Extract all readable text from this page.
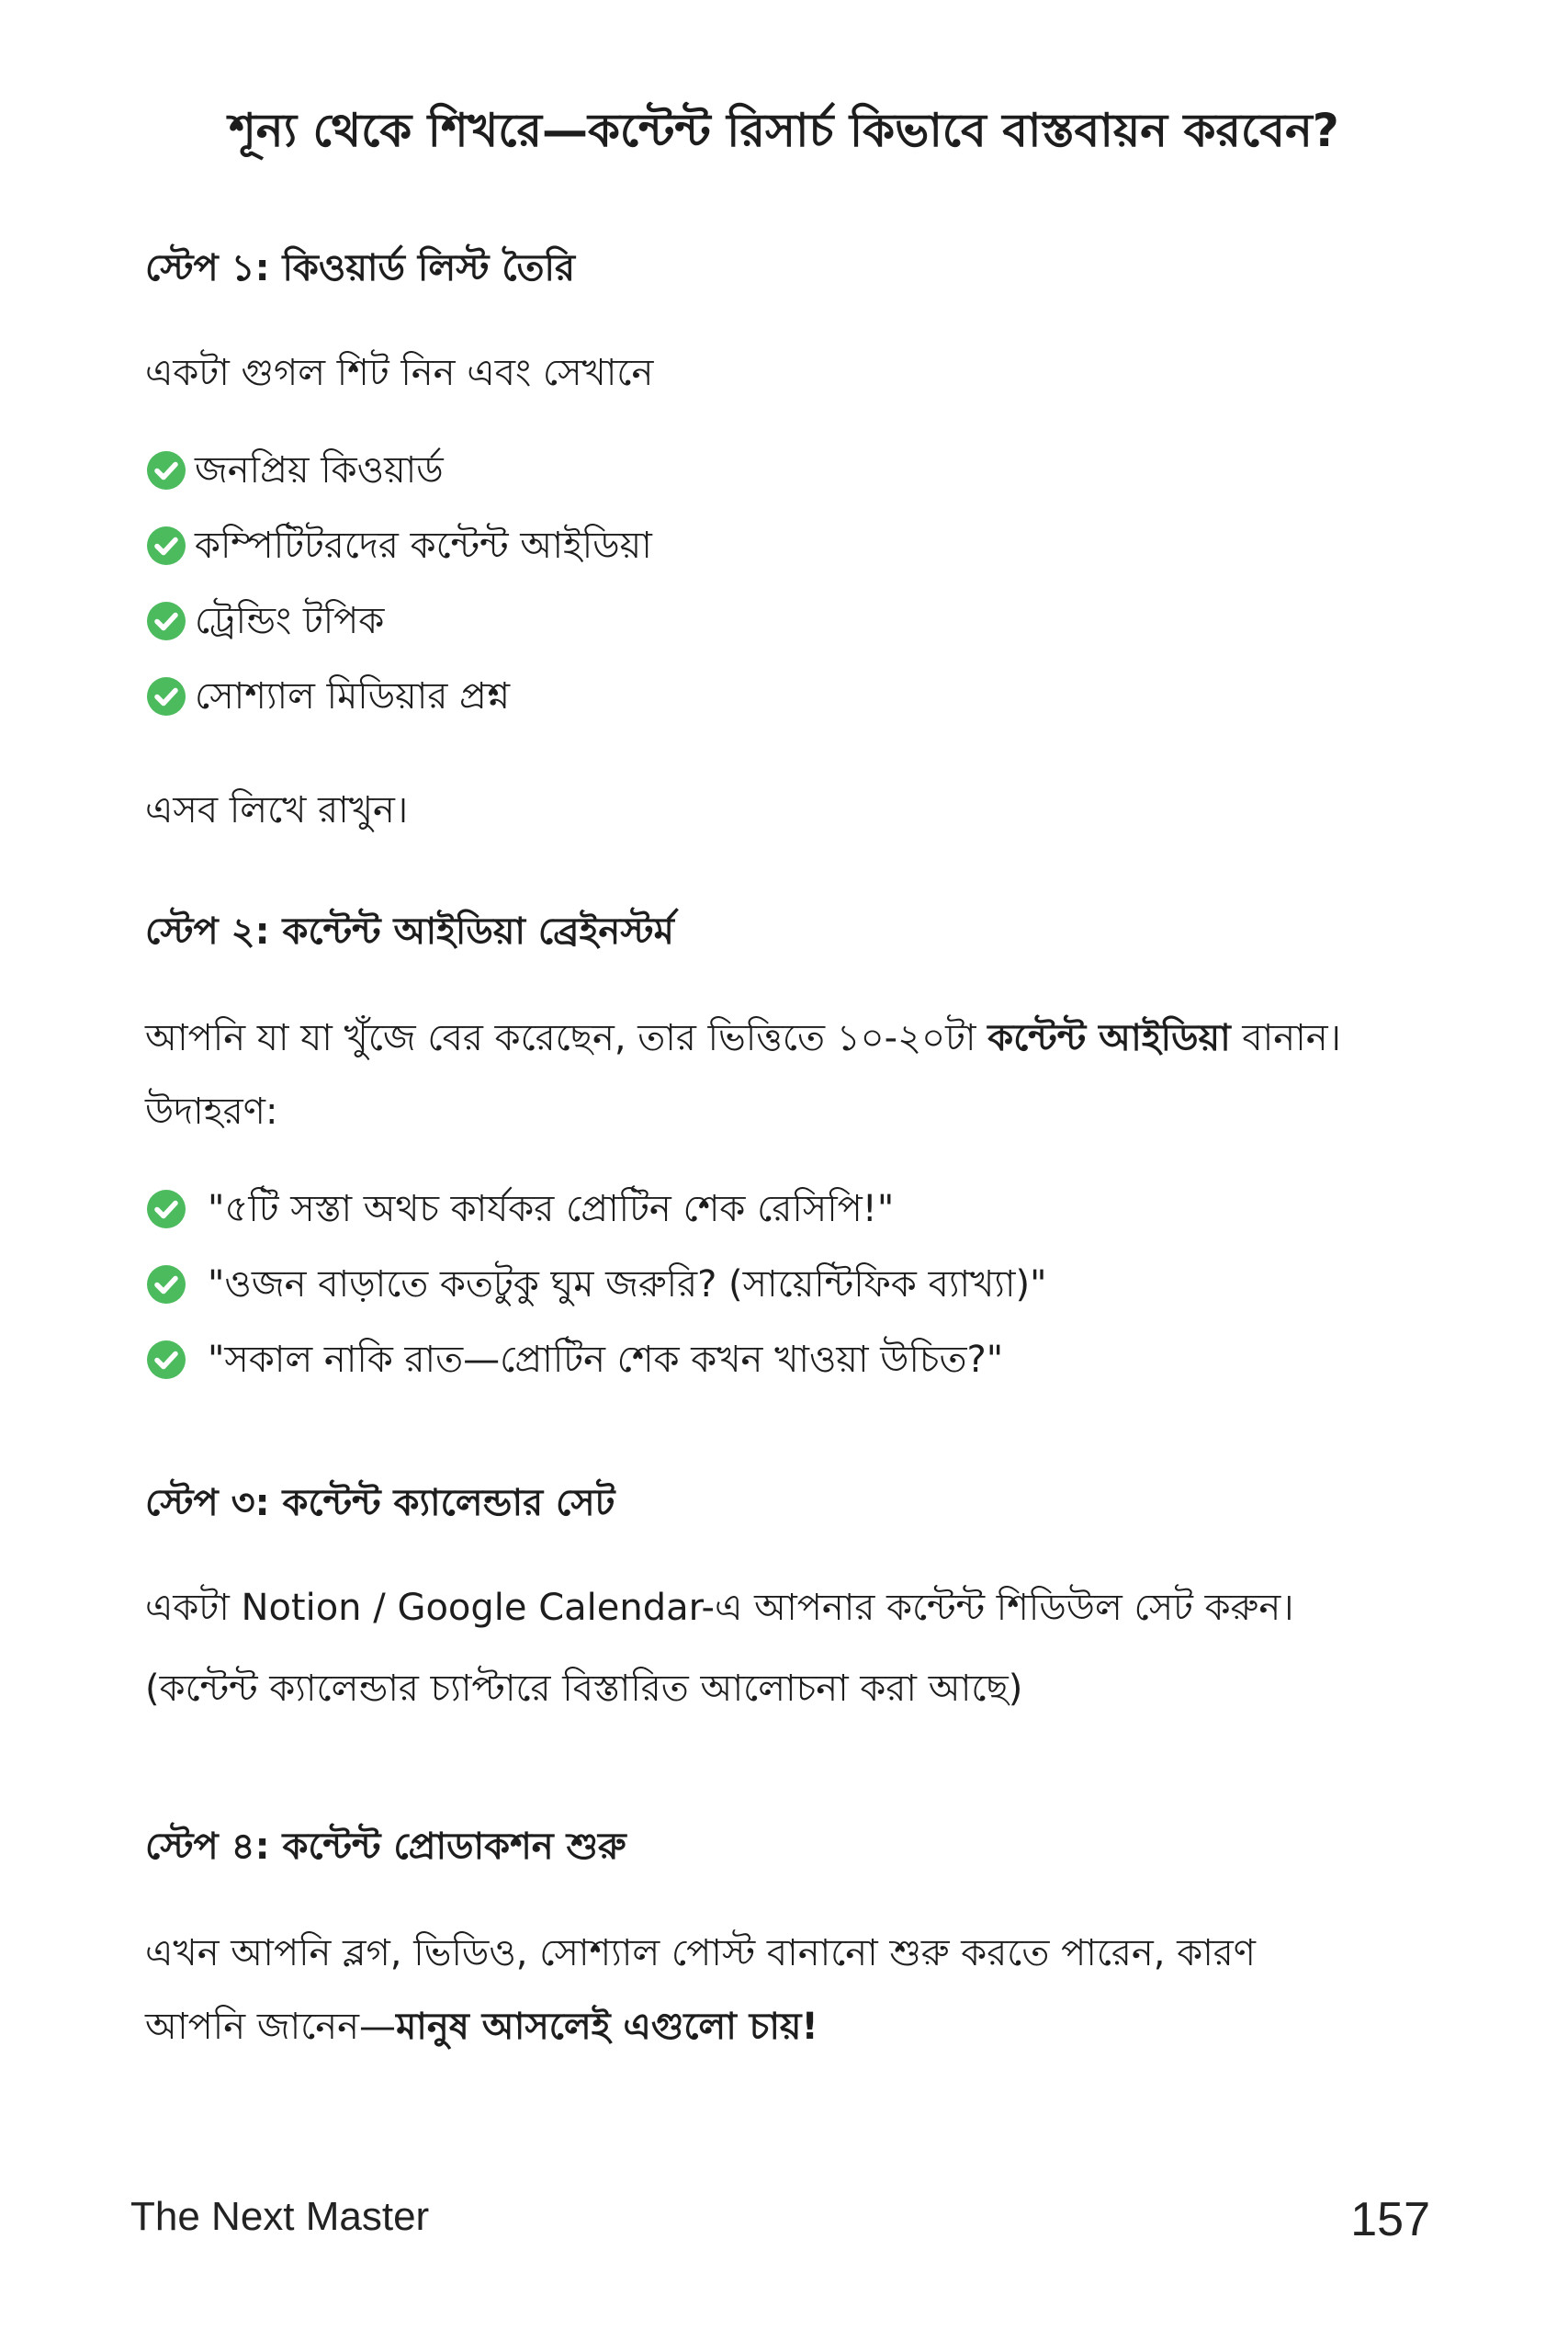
শূন্য থেকে শিখরে—কন্টেন্ট রিসার্চ কিভাবে বাস্তবায়ন করবেন?
স্টেপ ১: কিওয়ার্ড লিস্ট তৈরি
একটা গুগল শিট নিন এবং সেখানে
জনপ্রিয় কিওয়ার্ড
কম্পিটিটরদের কন্টেন্ট আইডিয়া
ট্রেন্ডিং টপিক
সোশ্যাল মিডিয়ার প্রশ্ন
এসব লিখে রাখুন।
স্টেপ ২: কন্টেন্ট আইডিয়া ব্রেইনস্টর্ম
আপনি যা যা খুঁজে বের করেছেন, তার ভিত্তিতে ১০-২০টা কন্টেন্ট আইডিয়া বানান।
উদাহরণ:
"৫টি সস্তা অথচ কার্যকর প্রোটিন শেক রেসিপি!"
"ওজন বাড়াতে কতটুকু ঘুম জরুরি? (সায়েন্টিফিক ব্যাখ্যা)"
"সকাল নাকি রাত—প্রোটিন শেক কখন খাওয়া উচিত?"
স্টেপ ৩: কন্টেন্ট ক্যালেন্ডার সেট
একটা Notion / Google Calendar-এ আপনার কন্টেন্ট শিডিউল সেট করুন।
(কন্টেন্ট ক্যালেন্ডার চ্যাপ্টারে বিস্তারিত আলোচনা করা আছে)
স্টেপ ৪: কন্টেন্ট প্রোডাকশন শুরু
এখন আপনি ব্লগ, ভিডিও, সোশ্যাল পোস্ট বানানো শুরু করতে পারেন, কারণ
আপনি জানেন—মানুষ আসলেই এগুলো চায়!
The Next Master	157
